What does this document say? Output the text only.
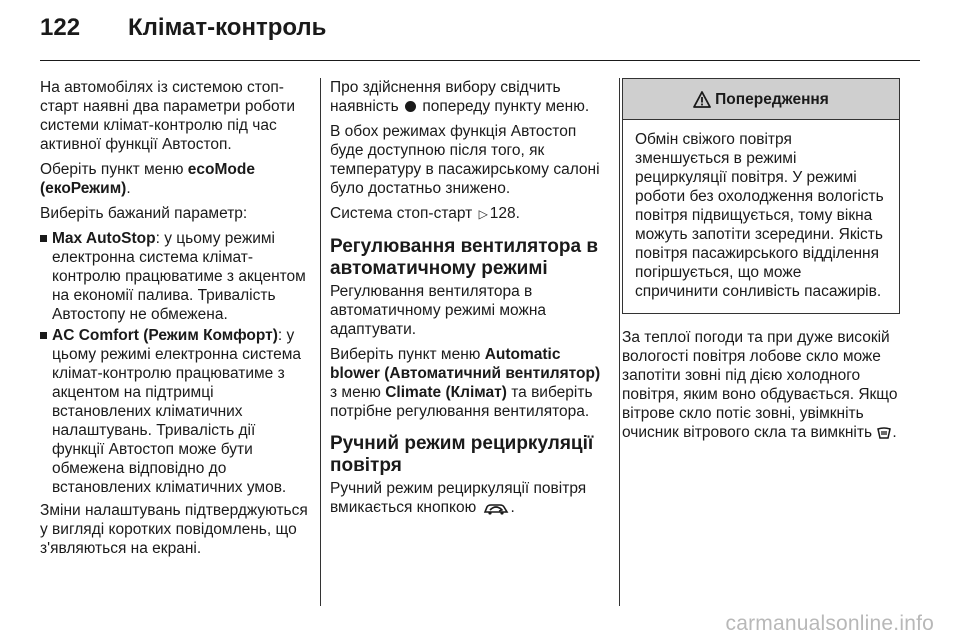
122	Клімат-контроль

На автомобілях із системою стоп-старт наявні два параметри роботи системи клімат-контролю під час активної функції Автостоп.

Оберіть пункт меню ecoMode (екоРежим).

Виберіть бажаний параметр:

Max AutoStop: у цьому режимі електронна система клімат-контролю працюватиме з акцентом на економії палива. Тривалість Автостопу не обмежена.
AC Comfort (Режим Комфорт): у цьому режимі електронна система клімат-контролю працюватиме з акцентом на підтримці встановлених кліматичних налаштувань. Тривалість дії функції Автостоп може бути обмежена відповідно до встановлених кліматичних умов.

Зміни налаштувань підтверджуються у вигляді коротких повідомлень, що з'являються на екрані.

Про здійснення вибору свідчить наявність  попереду пункту меню.

В обох режимах функція Автостоп буде доступною після того, як температуру в пасажирському салоні було достатньо знижено.

Система стоп-старт ▷ 128.

Регулювання вентилятора в автоматичному режимі

Регулювання вентилятора в автоматичному режимі можна адаптувати.

Виберіть пункт меню Automatic blower (Автоматичний вентилятор) з меню Climate (Клімат) та виберіть потрібне регулювання вентилятора.

Ручний режим рециркуляції повітря

Ручний режим рециркуляції повітря вмикається кнопкою .

Попередження
Обмін свіжого повітря зменшується в режимі рециркуляції повітря. У режимі роботи без охолодження вологість повітря підвищується, тому вікна можуть запотіти зсередини. Якість повітря пасажирського відділення погіршується, що може спричинити сонливість пасажирів.

За теплої погоди та при дуже високій вологості повітря лобове скло може запотіти зовні під дією холодного повітря, яким воно обдувається. Якщо вітрове скло потіє зовні, увімкніть очисник вітрового скла та вимкніть .

carmanualsonline.info
